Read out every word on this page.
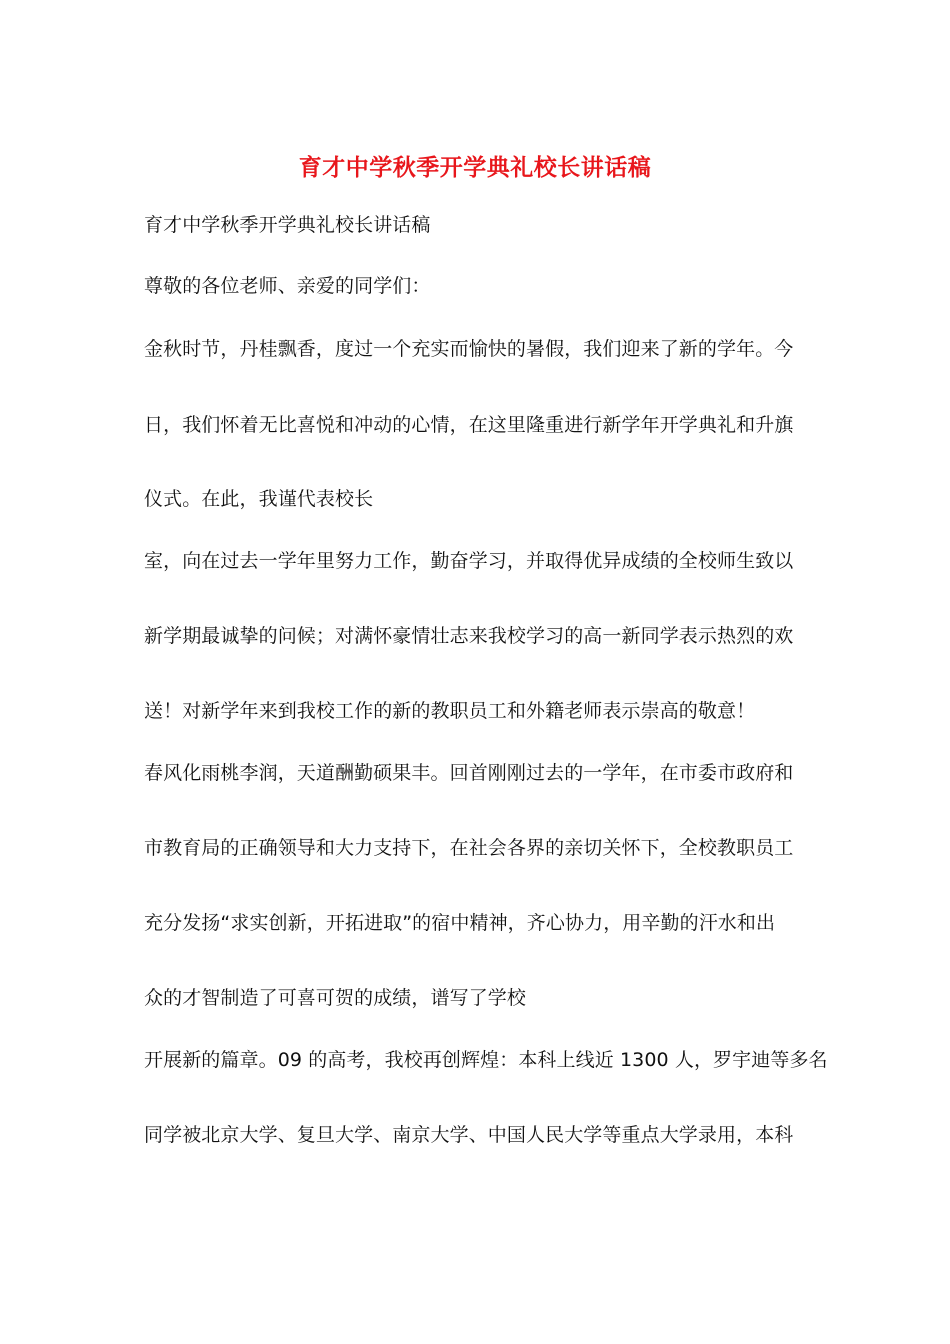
育才中学秋季开学典礼校长讲话稿
育才中学秋季开学典礼校长讲话稿
尊敬的各位老师、亲爱的同学们：
金秋时节，丹桂飘香，度过一个充实而愉快的暑假，我们迎来了新的学年。今
日，我们怀着无比喜悦和冲动的心情，在这里隆重进行新学年开学典礼和升旗
仪式。在此，我谨代表校长
室，向在过去一学年里努力工作，勤奋学习，并取得优异成绩的全校师生致以
新学期最诚挚的问候；对满怀豪情壮志来我校学习的高一新同学表示热烈的欢
送！对新学年来到我校工作的新的教职员工和外籍老师表示崇高的敬意！
春风化雨桃李润，天道酬勤硕果丰。回首刚刚过去的一学年，在市委市政府和
市教育局的正确领导和大力支持下，在社会各界的亲切关怀下，全校教职员工
充分发扬“求实创新，开拓进取”的宿中精神，齐心协力，用辛勤的汗水和出
众的才智制造了可喜可贺的成绩，谱写了学校
开展新的篇章。09 的高考，我校再创辉煌：本科上线近 1300 人，罗宇迪等多名
同学被北京大学、复旦大学、南京大学、中国人民大学等重点大学录用，本科
